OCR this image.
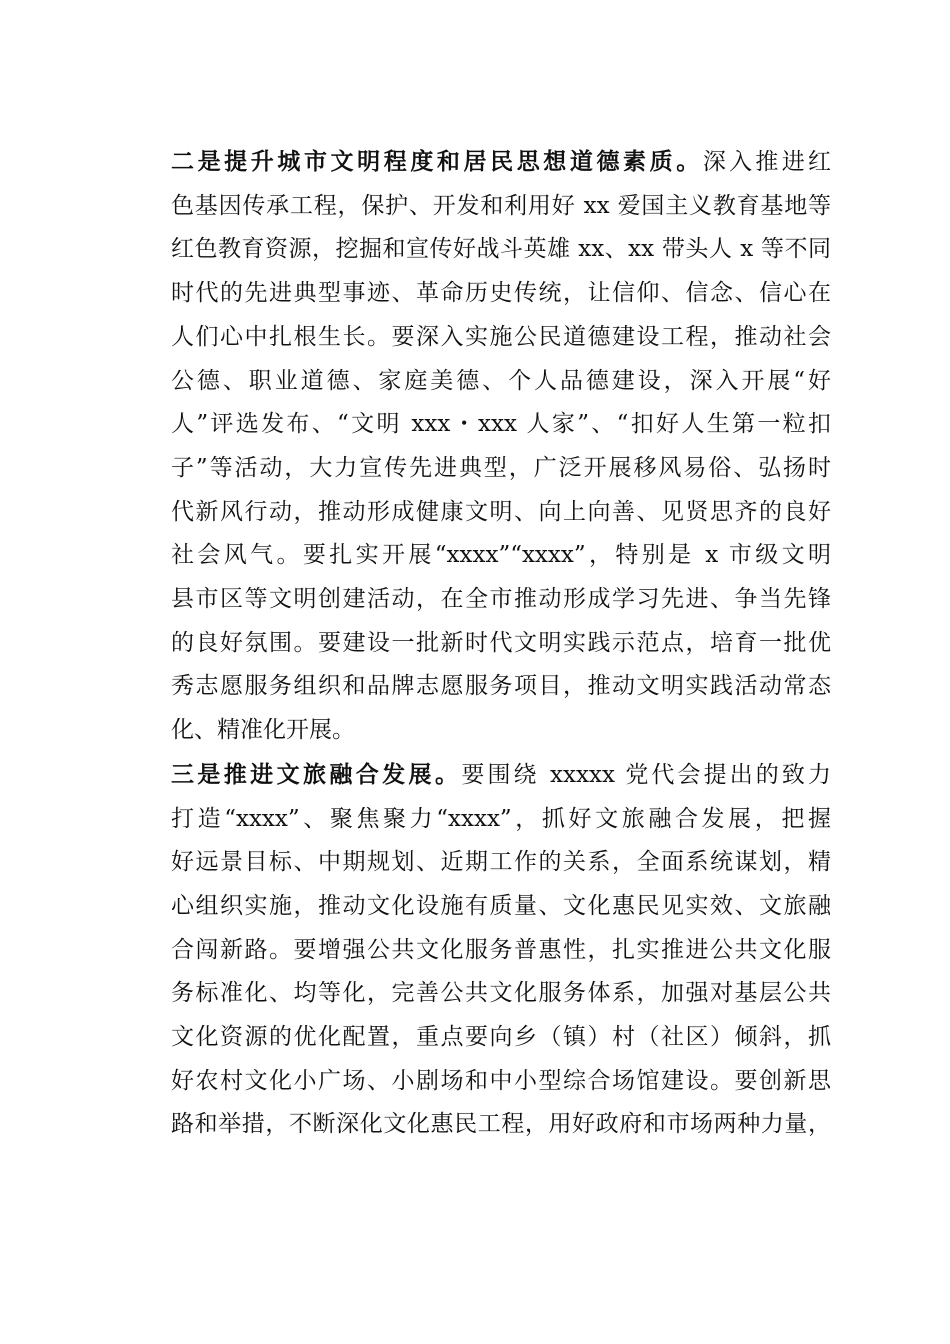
二是提升城市文明程度和居民思想道德素质。深入推进红
色基因传承工程，保护、开发和利用好 xx 爱国主义教育基地等
红色教育资源，挖掘和宣传好战斗英雄 xx、xx 带头人 x 等不同
时代的先进典型事迹、革命历史传统，让信仰、信念、信心在
人们心中扎根生长。要深入实施公民道德建设工程，推动社会
公德、职业道德、家庭美德、个人品德建设，深入开展“好
人”评选发布、“文明 xxx・xxx 人家”、“扣好人生第一粒扣
子”等活动，大力宣传先进典型，广泛开展移风易俗、弘扬时
代新风行动，推动形成健康文明、向上向善、见贤思齐的良好
社会风气。要扎实开展“xxxx”“xxxx”，特别是 x 市级文明
县市区等文明创建活动，在全市推动形成学习先进、争当先锋
的良好氛围。要建设一批新时代文明实践示范点，培育一批优
秀志愿服务组织和品牌志愿服务项目，推动文明实践活动常态
化、精准化开展。
三是推进文旅融合发展。要围绕 xxxxx 党代会提出的致力
打造“xxxx”、聚焦聚力“xxxx”，抓好文旅融合发展，把握
好远景目标、中期规划、近期工作的关系，全面系统谋划，精
心组织实施，推动文化设施有质量、文化惠民见实效、文旅融
合闯新路。要增强公共文化服务普惠性，扎实推进公共文化服
务标准化、均等化，完善公共文化服务体系，加强对基层公共
文化资源的优化配置，重点要向乡（镇）村（社区）倾斜，抓
好农村文化小广场、小剧场和中小型综合场馆建设。要创新思
路和举措，不断深化文化惠民工程，用好政府和市场两种力量，
